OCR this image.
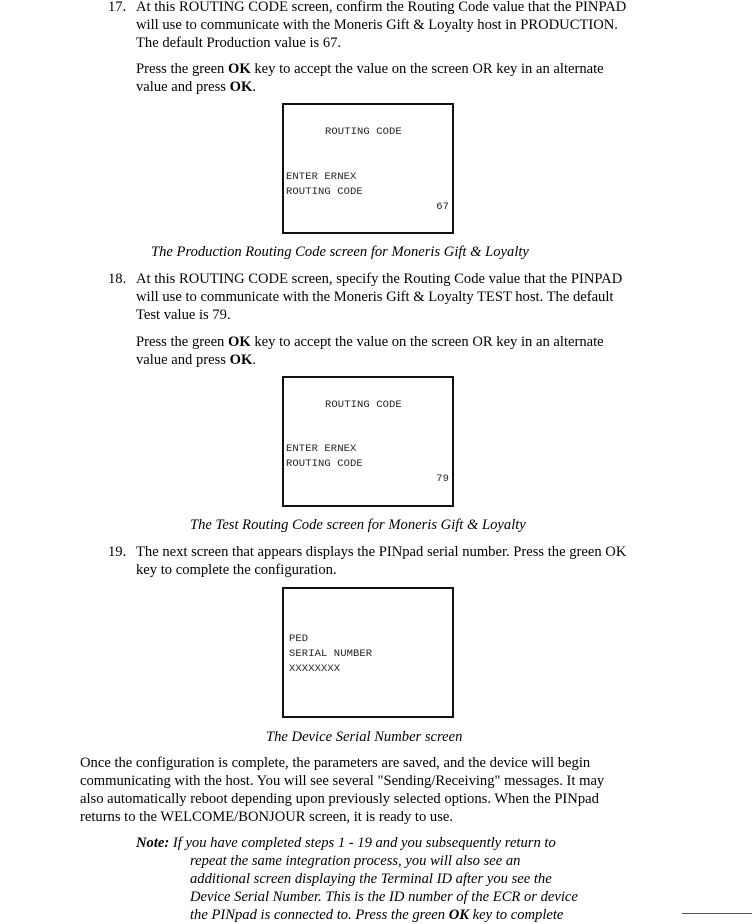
17. At this ROUTING CODE screen, confirm the Routing Code value that the PINPAD
will use to communicate with the Moneris Gift & Loyalty host in PRODUCTION.
The default Production value is 67.
Press the green OK key to accept the value on the screen OR key in an alternate
value and press OK.
ROUTING CODE
ENTER ERNEX
ROUTING CODE
67
The Production Routing Code screen for Moneris Gift & Loyalty
18. At this ROUTING CODE screen, specify the Routing Code value that the PINPAD
will use to communicate with the Moneris Gift & Loyalty TEST host. The default
Test value is 79.
Press the green OK key to accept the value on the screen OR key in an alternate
value and press OK.
ROUTING CODE
ENTER ERNEX
ROUTING CODE
79
The Test Routing Code screen for Moneris Gift & Loyalty
19. The next screen that appears displays the PINpad serial number. Press the green OK
key to complete the configuration.
PED
SERIAL NUMBER
XXXXXXXX
The Device Serial Number screen
Once the configuration is complete, the parameters are saved, and the device will begin
communicating with the host. You will see several "Sending/Receiving" messages. It may
also automatically reboot depending upon previously selected options. When the PINpad
returns to the WELCOME/BONJOUR screen, it is ready to use.
Note: If you have completed steps 1 - 19 and you subsequently return to
repeat the same integration process, you will also see an
additional screen displaying the Terminal ID after you see the
Device Serial Number. This is the ID number of the ECR or device
the PINpad is connected to. Press the green OK key to complete
